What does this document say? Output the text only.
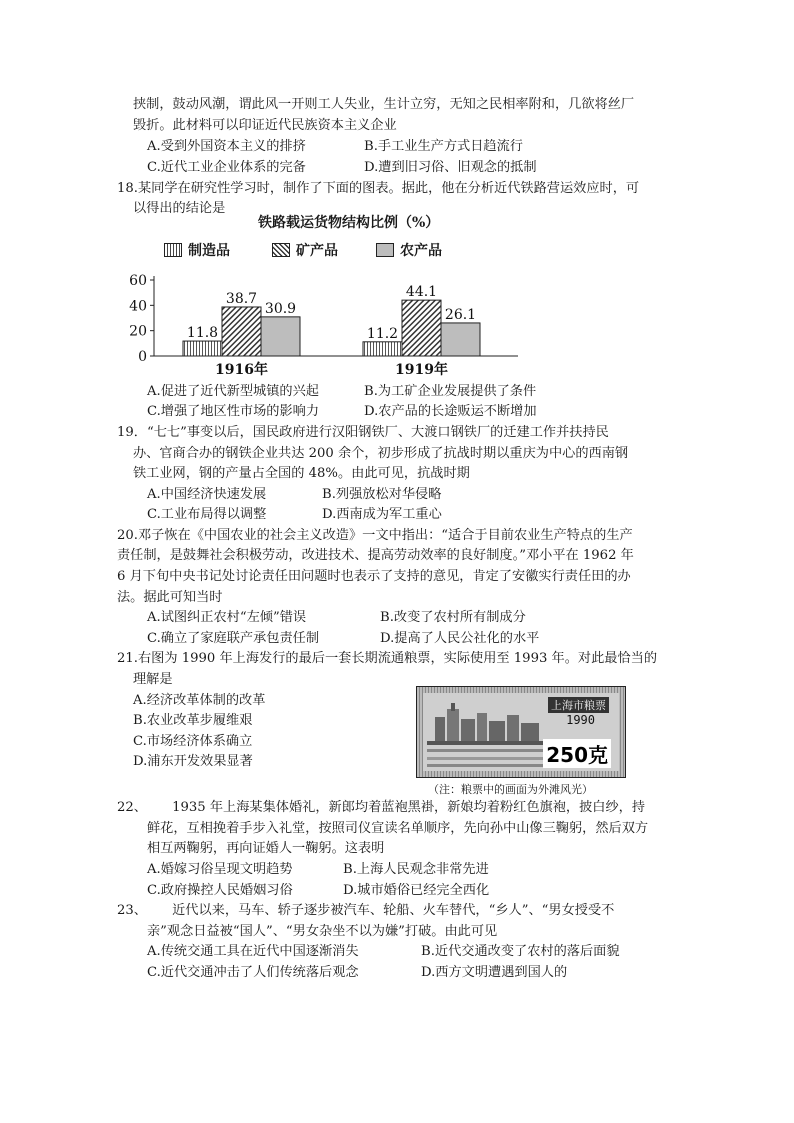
挟制，鼓动风潮，谓此风一开则工人失业，生计立穷，无知之民相率附和，几欲将丝厂
毁折。此材料可以印证近代民族资本主义企业
A.受到外国资本主义的排挤	B.手工业生产方式日趋流行
C.近代工业企业体系的完备	D.遭到旧习俗、旧观念的抵制
18.某同学在研究性学习时，制作了下面的图表。据此，他在分析近代铁路营运效应时，可
以得出的结论是
铁路载运货物结构比例（%）
制造品	矿产品	农产品
0
20
40
60
11.8
38.7
30.9
1916年
11.2
44.1
26.1
1919年
A.促进了近代新型城镇的兴起	B.为工矿企业发展提供了条件
C.增强了地区性市场的影响力	D.农产品的长途贩运不断增加
19．“七七”事变以后，国民政府进行汉阳钢铁厂、大渡口钢铁厂的迁建工作并扶持民
办、官商合办的钢铁企业共达 200 余个，初步形成了抗战时期以重庆为中心的西南钢
铁工业网，钢的产量占全国的 48%。由此可见，抗战时期
A.中国经济快速发展	B.列强放松对华侵略
C.工业布局得以调整	D.西南成为军工重心
20.邓子恢在《中国农业的社会主义改造》一文中指出：“适合于目前农业生产特点的生产
责任制，是鼓舞社会积极劳动，改进技术、提高劳动效率的良好制度。”邓小平在 1962 年
6 月下旬中央书记处讨论责任田问题时也表示了支持的意见，肯定了安徽实行责任田的办
法。据此可知当时
A.试图纠正农村“左倾”错误	B.改变了农村所有制成分
C.确立了家庭联产承包责任制	D.提高了人民公社化的水平
21.右图为 1990 年上海发行的最后一套长期流通粮票，实际使用至 1993 年。对此最恰当的
理解是
A.经济改革体制的改革
B.农业改革步履维艰
C.市场经济体系确立
D.浦东开发效果显著
上海市粮票
1990
250克
（注：粮票中的画面为外滩风光）
22、      1935 年上海某集体婚礼，新郎均着蓝袍黑褂，新娘均着粉红色旗袍，披白纱，持
鲜花，互相挽着手步入礼堂，按照司仪宣读名单顺序，先向孙中山像三鞠躬，然后双方
相互两鞠躬，再向证婚人一鞠躬。这表明
A.婚嫁习俗呈现文明趋势	B.上海人民观念非常先进
C.政府操控人民婚姻习俗	D.城市婚俗已经完全西化
23、      近代以来，马车、轿子逐步被汽车、轮船、火车替代，“乡人”、“男女授受不
亲”观念日益被“国人”、“男女杂坐不以为嫌”打破。由此可见
A.传统交通工具在近代中国逐渐消失	B.近代交通改变了农村的落后面貌
C.近代交通冲击了人们传统落后观念	D.西方文明遭遇到国人的
